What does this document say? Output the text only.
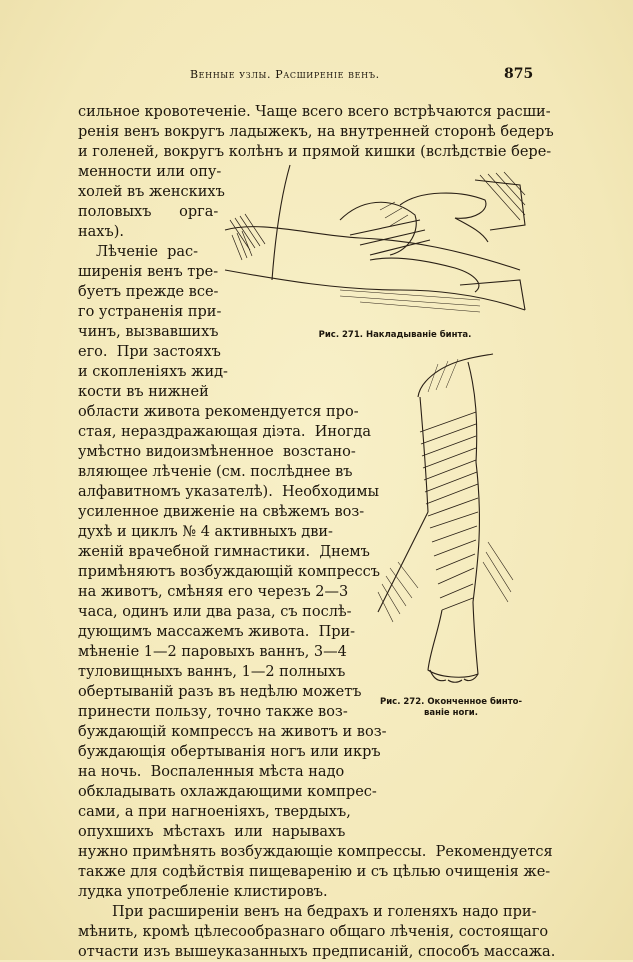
Венныe узлы. Расширеніе венъ.	875
сильное кровотеченіе. Чаще всего всего встрѣчаются расши-
ренія венъ вокругъ ладыжекъ, на внутренней сторонѣ бедеръ
и голеней, вокругъ колѣнъ и прямой кишки (вслѣдствіе бере-
менности или опу-
холей въ женскихъ
половыхъ      орга-
нахъ).
Лѣченіе  рас-
ширенія венъ тре-
буетъ прежде все-
го устраненія при-
чинъ, вызвавшихъ
его.  При застояхъ
и скопленіяхъ жид-
кости въ нижней
области живота рекомендуется про-
стая, нераздражающая діэта.  Иногда
умѣстно видоизмѣненное  возстано-
вляющее лѣченіе (см. послѣднее въ
алфавитномъ указателѣ).  Необходимы
усиленное движеніе на свѣжемъ воз-
духѣ и циклъ № 4 активныхъ дви-
женій врачебной гимнастики.  Днемъ
примѣняютъ возбуждающій компрессъ
на животъ, смѣняя его черезъ 2—3
часа, одинъ или два раза, съ послѣ-
дующимъ массажемъ живота.  При-
мѣненіе 1—2 паровыхъ ваннъ, 3—4
туловищныхъ ваннъ, 1—2 полныхъ
обертываній разъ въ недѣлю можетъ
принести пользу, точно также воз-
буждающій компрессъ на животъ и воз-
буждающія обертыванія ногъ или икръ
на ночь.  Воспаленныя мѣста надо
обкладывать охлаждающими компрес-
сами, а при нагноеніяхъ, твердыхъ,
опухшихъ  мѣстахъ  или  нарывахъ
нужно примѣнять возбуждающіе компрессы.  Рекомендуется
также для содѣйствія пищеваренію и съ цѣлью очищенія же-
лудка употребленіе клистировъ.
При расширеніи венъ на бедрахъ и голеняхъ надо при-
мѣнить, кромѣ цѣлесообразнаго общаго лѣченія, состоящаго
отчасти изъ вышеуказанныхъ предписаній, способъ массажа.
Рис. 271. Накладываніе бинта.
Рис. 272. Оконченное бинто-
ваніе ноги.
